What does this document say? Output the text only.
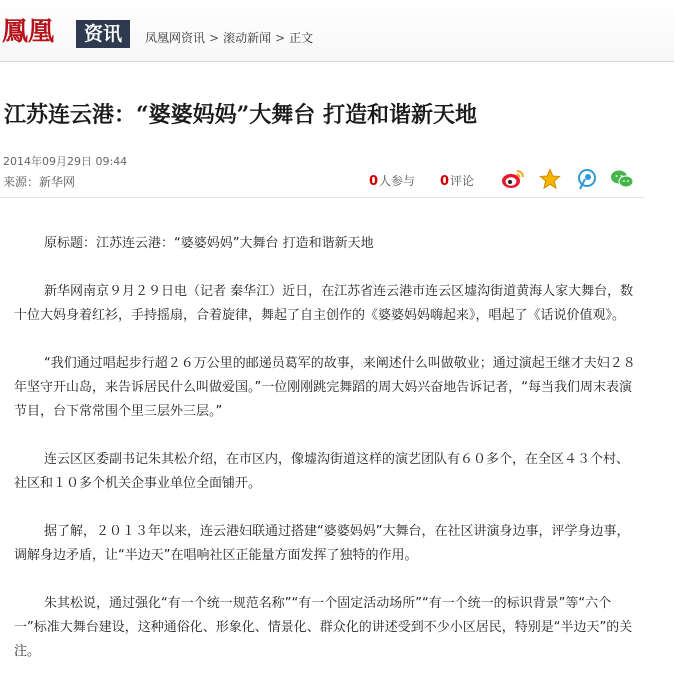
鳳凰	资讯	凤凰网资讯 > 滚动新闻 > 正文
江苏连云港：“婆婆妈妈”大舞台 打造和谐新天地
2014年09月29日 09:44
来源：新华网	0 人参与 0 评论

原标题：江苏连云港：“婆婆妈妈”大舞台 打造和谐新天地

新华网南京９月２９日电（记者 秦华江）近日，在江苏省连云港市连云区墟沟街道黄海人家大舞台，数十位大妈身着红衫，手持摇扇，合着旋律，舞起了自主创作的《婆婆妈妈嗨起来》，唱起了《话说价值观》。

“我们通过唱起步行超２６万公里的邮递员葛军的故事，来阐述什么叫做敬业；通过演起王继才夫妇２８年坚守开山岛，来告诉居民什么叫做爱国。”一位刚刚跳完舞蹈的周大妈兴奋地告诉记者，“每当我们周末表演节目，台下常常围个里三层外三层。”

连云区区委副书记朱其松介绍，在市区内，像墟沟街道这样的演艺团队有６０多个，在全区４３个村、社区和１０多个机关企事业单位全面铺开。

据了解，２０１３年以来，连云港妇联通过搭建“婆婆妈妈”大舞台，在社区讲演身边事，评学身边事，调解身边矛盾，让“半边天”在唱响社区正能量方面发挥了独特的作用。

朱其松说，通过强化“有一个统一规范名称”“有一个固定活动场所”“有一个统一的标识背景”等“六个一”标准大舞台建设，这种通俗化、形象化、情景化、群众化的讲述受到不少小区居民，特别是“半边天”的关注。
